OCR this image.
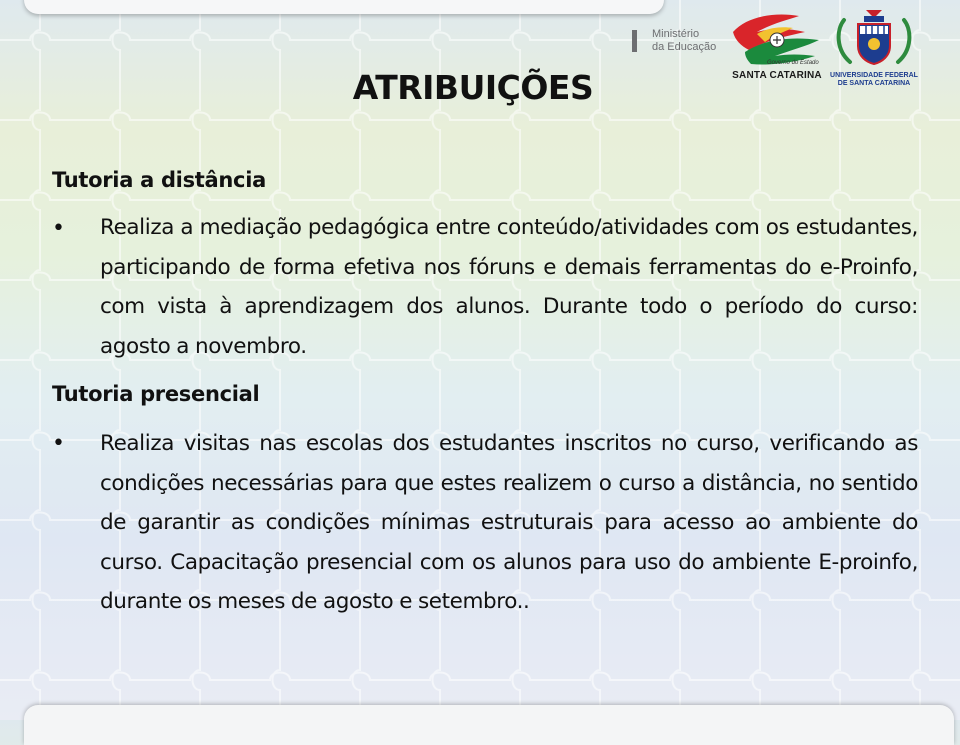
Ministério
da Educação
Governo do Estado
SANTA CATARINA	UNIVERSIDADE FEDERAL
DE SANTA CATARINA
ATRIBUIÇÕES
Tutoria a distância
• Realiza a mediação pedagógica entre conteúdo/atividades com os estudantes, participando de forma efetiva nos fóruns e demais ferramentas do e-Proinfo, com vista à aprendizagem dos alunos. Durante todo o período do curso: agosto a novembro.
Tutoria presencial
• Realiza visitas nas escolas dos estudantes inscritos no curso, verificando as condições necessárias para que estes realizem o curso a distância, no sentido de garantir as condições mínimas estruturais para acesso ao ambiente do curso. Capacitação presencial com os alunos para uso do ambiente E-proinfo, durante os meses de agosto e setembro..
